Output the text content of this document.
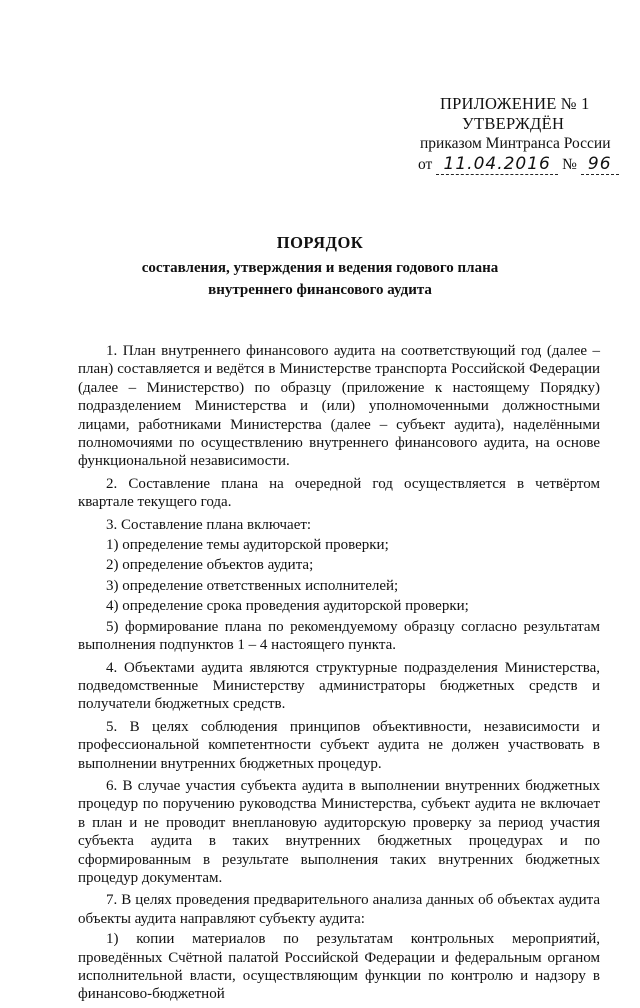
ПРИЛОЖЕНИЕ № 1
УТВЕРЖДЁН
приказом Минтранса России
от 11.04.2016 № 96
ПОРЯДОК
составления, утверждения и ведения годового плана
внутреннего финансового аудита

1. План внутреннего финансового аудита на соответствующий год (далее – план) составляется и ведётся в Министерстве транспорта Российской Федерации (далее – Министерство) по образцу (приложение к настоящему Порядку) подразделением Министерства и (или) уполномоченными должностными лицами, работниками Министерства (далее – субъект аудита), наделёнными полномочиями по осуществлению внутреннего финансового аудита, на основе функциональной независимости.

2. Составление плана на очередной год осуществляется в четвёртом квартале текущего года.

3. Составление плана включает:

1) определение темы аудиторской проверки;

2) определение объектов аудита;

3) определение ответственных исполнителей;

4) определение срока проведения аудиторской проверки;

5) формирование плана по рекомендуемому образцу согласно результатам выполнения подпунктов 1 – 4 настоящего пункта.

4. Объектами аудита являются структурные подразделения Министерства, подведомственные Министерству администраторы бюджетных средств и получатели бюджетных средств.

5. В целях соблюдения принципов объективности, независимости и профессиональной компетентности субъект аудита не должен участвовать в выполнении внутренних бюджетных процедур.

6. В случае участия субъекта аудита в выполнении внутренних бюджетных процедур по поручению руководства Министерства, субъект аудита не включает в план и не проводит внеплановую аудиторскую проверку за период участия субъекта аудита в таких внутренних бюджетных процедурах и по сформированным в результате выполнения таких внутренних бюджетных процедур документам.

7. В целях проведения предварительного анализа данных об объектах аудита объекты аудита направляют субъекту аудита:

1) копии материалов по результатам контрольных мероприятий, проведённых Счётной палатой Российской Федерации и федеральным органом исполнительной власти, осуществляющим функции по контролю и надзору в финансово-бюджетной
